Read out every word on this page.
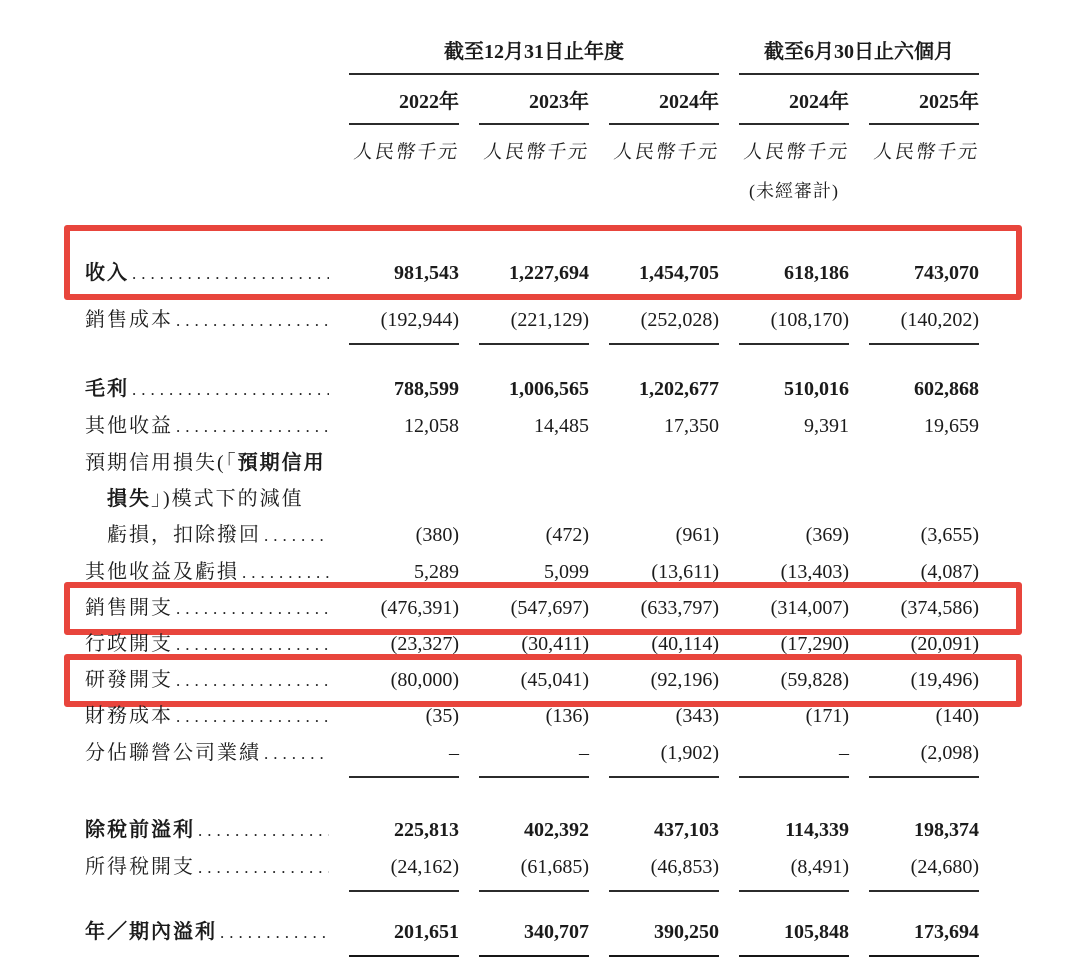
截至12月31日止年度	截至6月30日止六個月
2022年	2023年	2024年	2024年	2025年
人民幣千元 人民幣千元 人民幣千元 人民幣千元 人民幣千元
(未經審計)
收入 .....	981,543	1,227,694	1,454,705	618,186	743,070
銷售成本 .....	(192,944)	(221,129)	(252,028)	(108,170)	(140,202)
毛利 .....	788,599	1,006,565	1,202,677	510,016	602,868
其他收益 .....	12,058	14,485	17,350	9,391	19,659
預期信用損失(「預期信用
損失」)模式下的減值
虧損，扣除撥回 .....	(380)	(472)	(961)	(369)	(3,655)
其他收益及虧損 .....	5,289	5,099	(13,611)	(13,403)	(4,087)
銷售開支 .....	(476,391)	(547,697)	(633,797)	(314,007)	(374,586)
行政開支 .....	(23,327)	(30,411)	(40,114)	(17,290)	(20,091)
研發開支 .....	(80,000)	(45,041)	(92,196)	(59,828)	(19,496)
財務成本 .....	(35)	(136)	(343)	(171)	(140)
分佔聯營公司業績 .....	–	–	(1,902)	–	(2,098)
除稅前溢利 .....	225,813	402,392	437,103	114,339	198,374
所得稅開支 .....	(24,162)	(61,685)	(46,853)	(8,491)	(24,680)
年／期內溢利 .....	201,651	340,707	390,250	105,848	173,694
